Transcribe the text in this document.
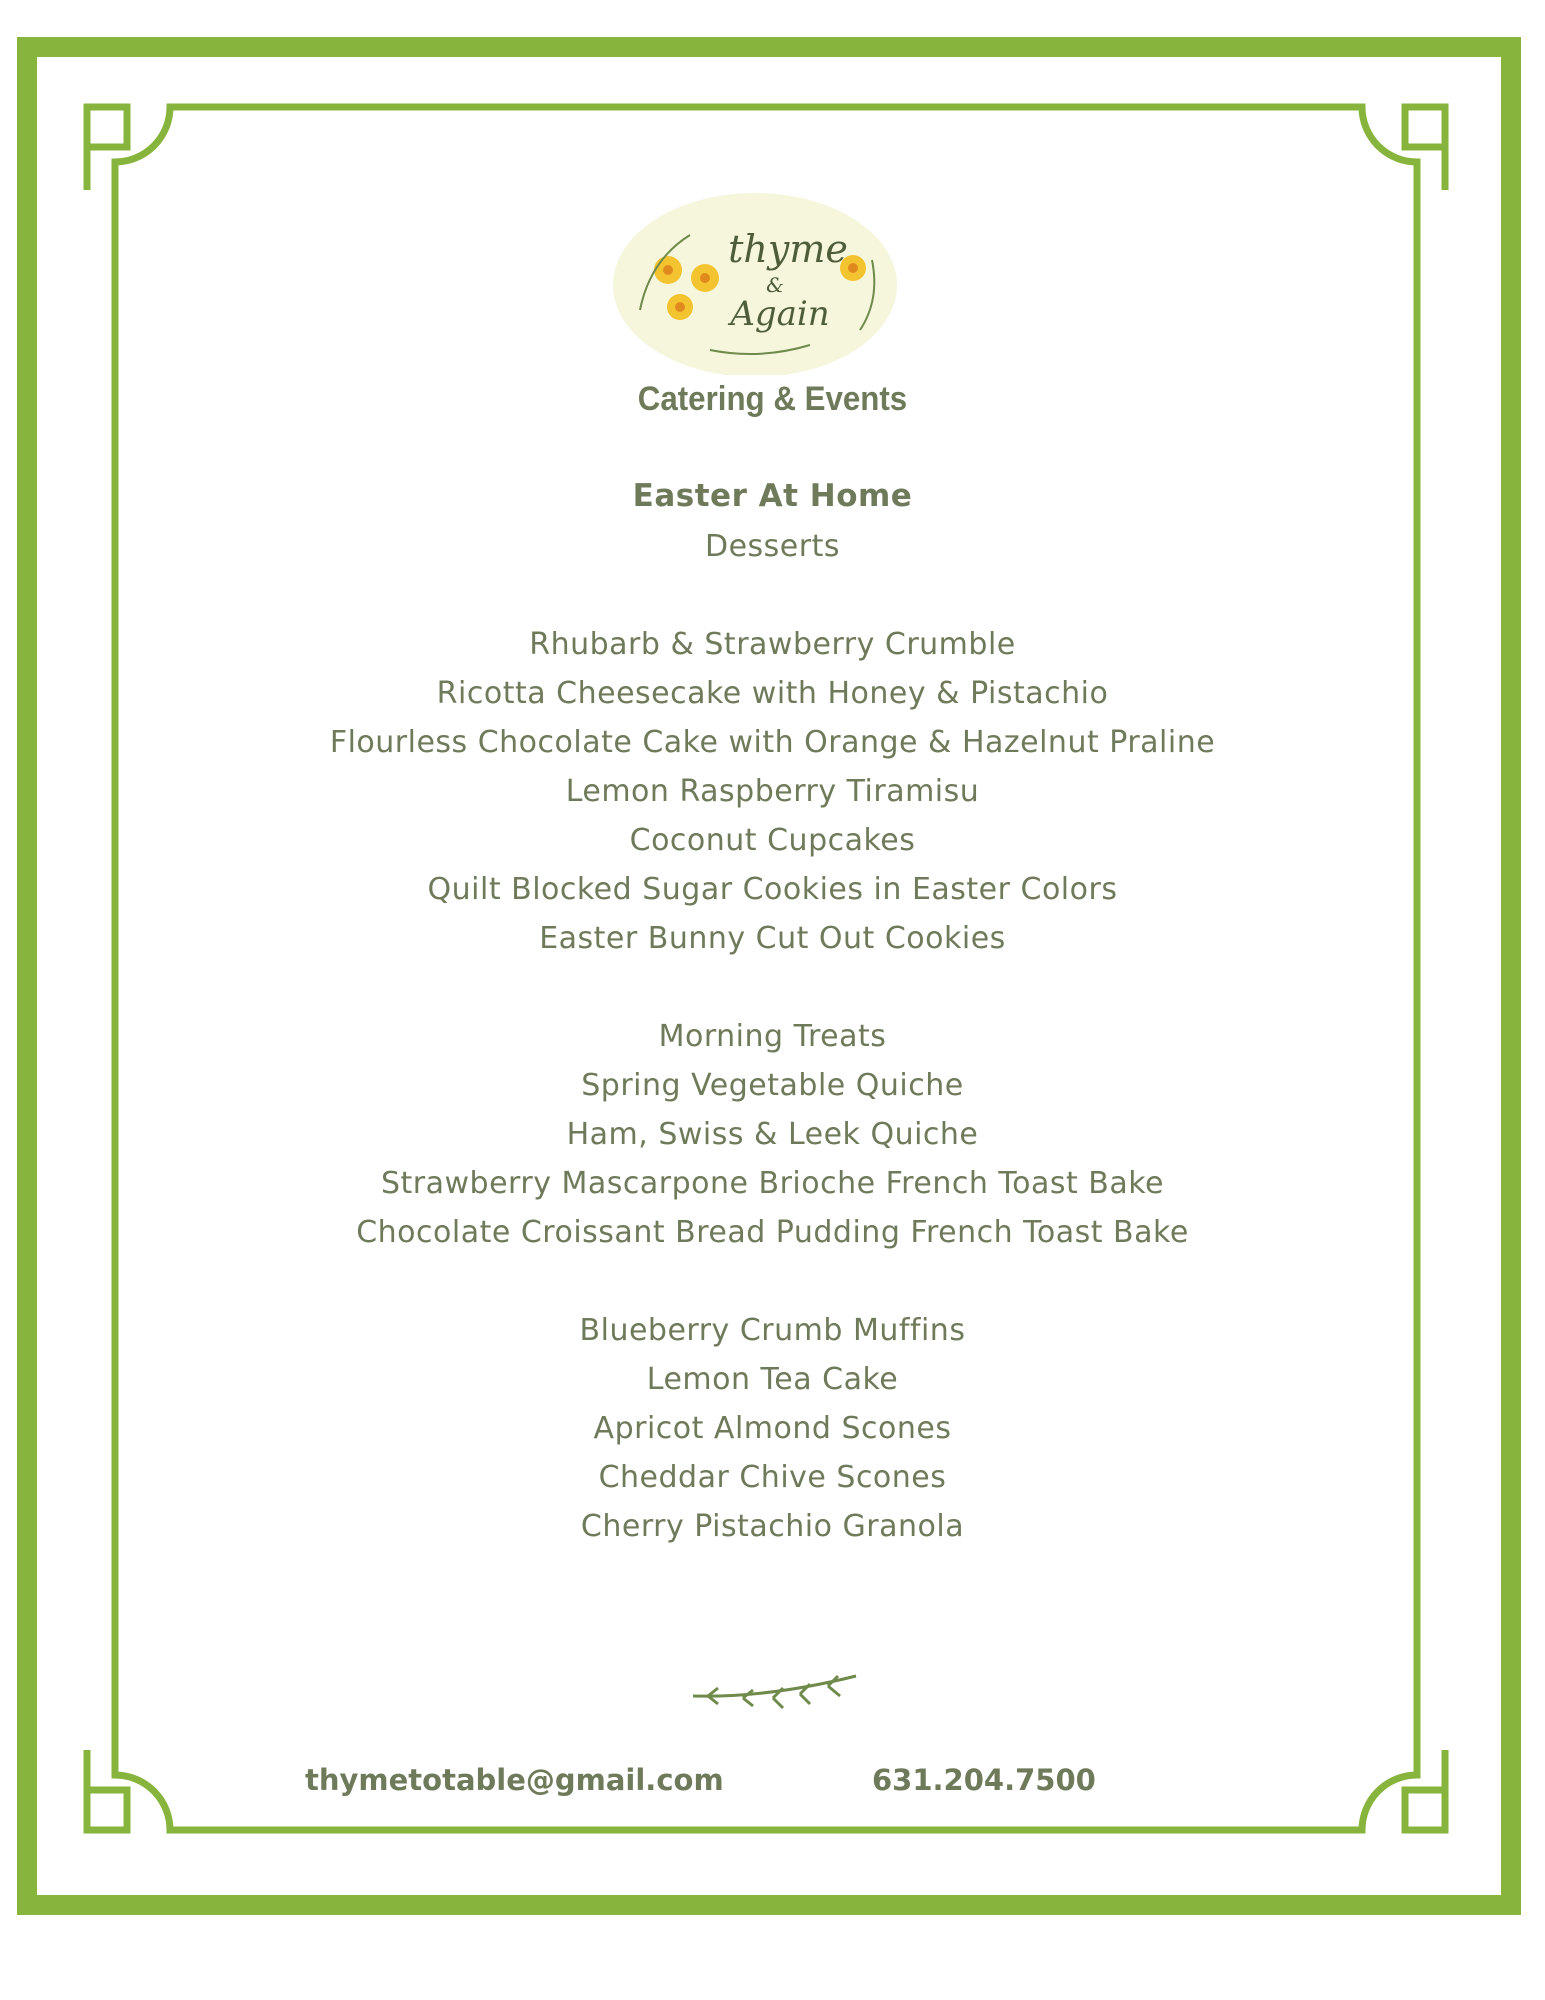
thyme
&
Again
Catering & Events
Easter At Home
Desserts
Rhubarb & Strawberry Crumble
Ricotta Cheesecake with Honey & Pistachio
Flourless Chocolate Cake with Orange & Hazelnut Praline
Lemon Raspberry Tiramisu
Coconut Cupcakes
Quilt Blocked Sugar Cookies in Easter Colors
Easter Bunny Cut Out Cookies
Morning Treats
Spring Vegetable Quiche
Ham, Swiss & Leek Quiche
Strawberry Mascarpone Brioche French Toast Bake
Chocolate Croissant Bread Pudding French Toast Bake
Blueberry Crumb Muffins
Lemon Tea Cake
Apricot Almond Scones
Cheddar Chive Scones
Cherry Pistachio Granola
thymetotable@gmail.com	631.204.7500
